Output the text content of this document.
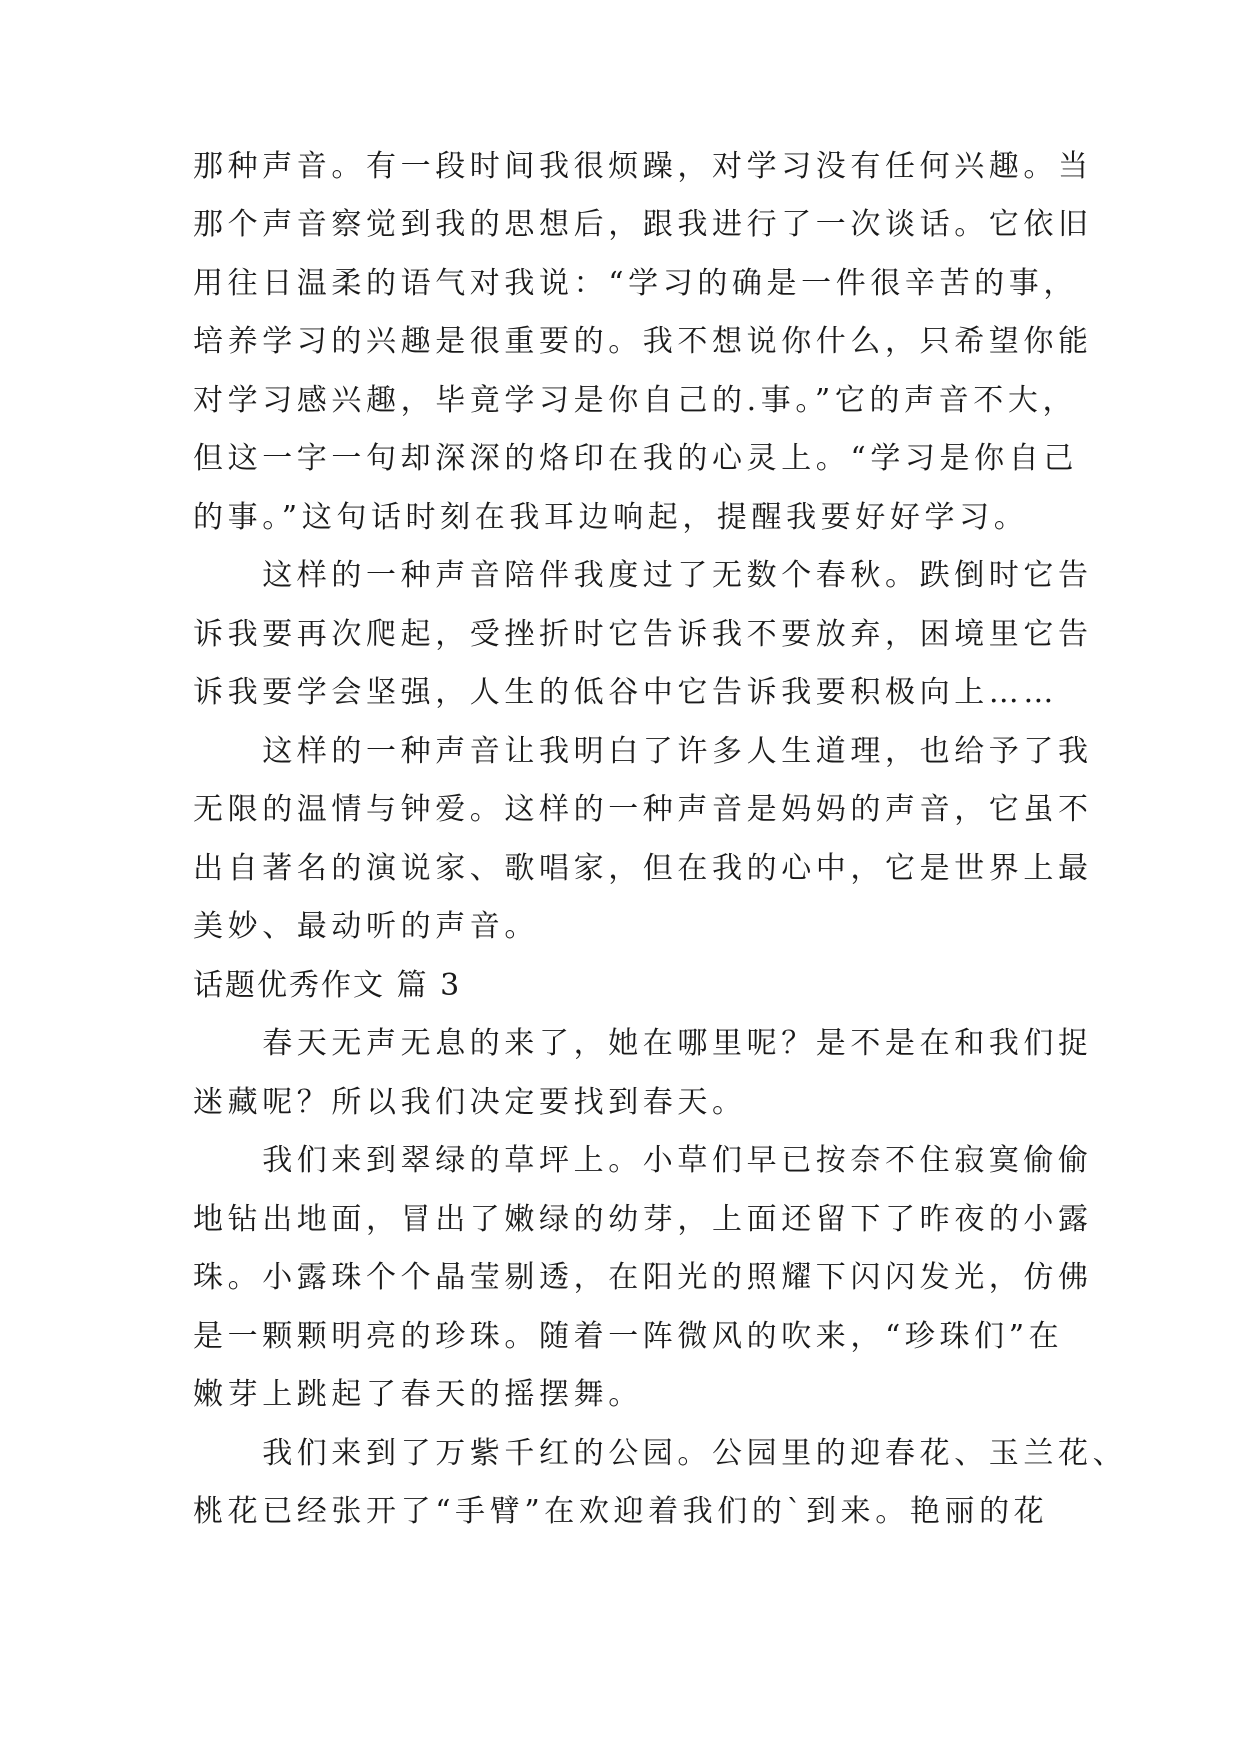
那种声音。有一段时间我很烦躁，对学习没有任何兴趣。当
那个声音察觉到我的思想后，跟我进行了一次谈话。它依旧
用往日温柔的语气对我说：“学习的确是一件很辛苦的事，
培养学习的兴趣是很重要的。我不想说你什么，只希望你能
对学习感兴趣，毕竟学习是你自己的.事。”它的声音不大，
但这一字一句却深深的烙印在我的心灵上。“学习是你自己
的事。”这句话时刻在我耳边响起，提醒我要好好学习。
　　这样的一种声音陪伴我度过了无数个春秋。跌倒时它告
诉我要再次爬起，受挫折时它告诉我不要放弃，困境里它告
诉我要学会坚强，人生的低谷中它告诉我要积极向上……
　　这样的一种声音让我明白了许多人生道理，也给予了我
无限的温情与钟爱。这样的一种声音是妈妈的声音，它虽不
出自著名的演说家、歌唱家，但在我的心中，它是世界上最
美妙、最动听的声音。
话题优秀作文 篇 3
　　春天无声无息的来了，她在哪里呢？是不是在和我们捉
迷藏呢？所以我们决定要找到春天。
　　我们来到翠绿的草坪上。小草们早已按奈不住寂寞偷偷
地钻出地面，冒出了嫩绿的幼芽，上面还留下了昨夜的小露
珠。小露珠个个晶莹剔透，在阳光的照耀下闪闪发光，仿佛
是一颗颗明亮的珍珠。随着一阵微风的吹来，“珍珠们”在
嫩芽上跳起了春天的摇摆舞。
　　我们来到了万紫千红的公园。公园里的迎春花、玉兰花、
桃花已经张开了“手臂”在欢迎着我们的`到来。艳丽的花
